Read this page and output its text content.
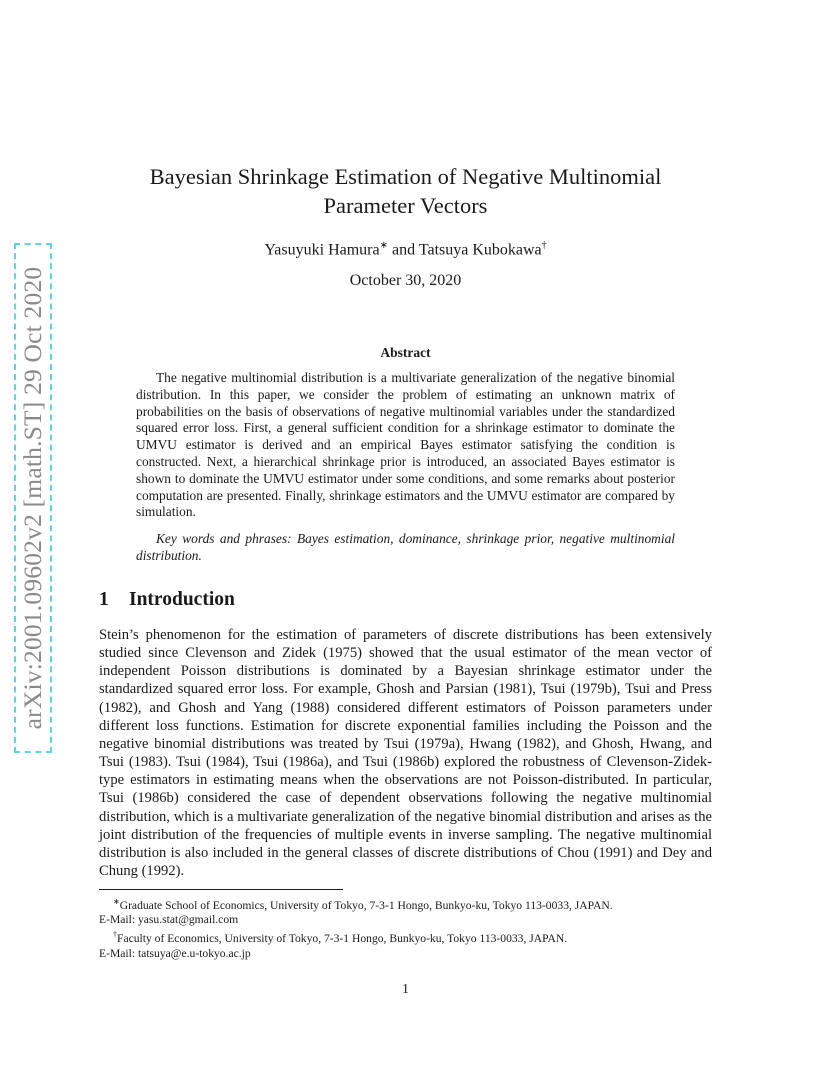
arXiv:2001.09602v2 [math.ST] 29 Oct 2020
Bayesian Shrinkage Estimation of Negative Multinomial
Parameter Vectors
Yasuyuki Hamura∗ and Tatsuya Kubokawa†
October 30, 2020
Abstract

The negative multinomial distribution is a multivariate generalization of the negative binomial distribution. In this paper, we consider the problem of estimating an unknown matrix of probabilities on the basis of observations of negative multinomial variables under the standardized squared error loss. First, a general sufficient condition for a shrinkage estimator to dominate the UMVU estimator is derived and an empirical Bayes estimator satisfying the condition is constructed. Next, a hierarchical shrinkage prior is introduced, an associated Bayes estimator is shown to dominate the UMVU estimator under some conditions, and some remarks about posterior computation are presented. Finally, shrinkage estimators and the UMVU estimator are compared by simulation.

Key words and phrases: Bayes estimation, dominance, shrinkage prior, negative multinomial distribution.

1 Introduction

Stein’s phenomenon for the estimation of parameters of discrete distributions has been extensively studied since Clevenson and Zidek (1975) showed that the usual estimator of the mean vector of independent Poisson distributions is dominated by a Bayesian shrinkage estimator under the standardized squared error loss. For example, Ghosh and Parsian (1981), Tsui (1979b), Tsui and Press (1982), and Ghosh and Yang (1988) considered different estimators of Poisson parameters under different loss functions. Estimation for discrete exponential families including the Poisson and the negative binomial distributions was treated by Tsui (1979a), Hwang (1982), and Ghosh, Hwang, and Tsui (1983). Tsui (1984), Tsui (1986a), and Tsui (1986b) explored the robustness of Clevenson-Zidek-type estimators in estimating means when the observations are not Poisson-distributed. In particular, Tsui (1986b) considered the case of dependent observations following the negative multinomial distribution, which is a multivariate generalization of the negative binomial distribution and arises as the joint distribution of the frequencies of multiple events in inverse sampling. The negative multinomial distribution is also included in the general classes of discrete distributions of Chou (1991) and Dey and Chung (1992).

∗Graduate School of Economics, University of Tokyo, 7-3-1 Hongo, Bunkyo-ku, Tokyo 113-0033, JAPAN.

E-Mail: yasu.stat@gmail.com

†Faculty of Economics, University of Tokyo, 7-3-1 Hongo, Bunkyo-ku, Tokyo 113-0033, JAPAN.

E-Mail: tatsuya@e.u-tokyo.ac.jp

1
